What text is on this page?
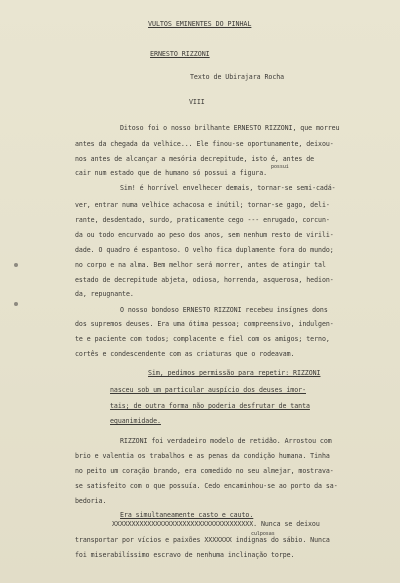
VULTOS EMINENTES DO PINHAL
ERNESTO RIZZONI
Texto de Ubirajara Rocha
VIII
Ditoso foi o nosso brilhante ERNESTO RIZZONI, que morreu
antes da chegada da velhice... Ele finou-se oportunamente, deixou-
nos antes de alcançar a mesória decrepitude, isto é, antes de
possui
cair num estado que de humano só possui a figura.
Sim! é horrível envelhecer demais, tornar-se semi-cadá-
ver, entrar numa velhice achacosa e inútil; tornar-se gago, deli-
rante, desdentado, surdo, praticamente cego --- enrugado, corcun-
da ou todo encurvado ao peso dos anos, sem nenhum resto de virili-
dade. O quadro é espantoso. O velho fica duplamente fora do mundo;
no corpo e na alma. Bem melhor será morrer, antes de atingir tal
estado de decrepitude abjeta, odiosa, horrenda, asquerosa, hedion-
da, repugnante.
O nosso bondoso ERNESTO RIZZONI recebeu insígnes dons
dos supremos deuses. Era uma ótima pessoa; compreensivo, indulgen-
te e paciente com todos; complacente e fiel com os amigos; terno,
cortês e condescendente com as criaturas que o rodeavam.
Sim, pedimos permissão para repetir: RIZZONI
nasceu sob um particular auspício dos deuses imor-
tais; de outra forma não poderia desfrutar de tanta
equanimidade.
RIZZONI foi verdadeiro modelo de retidão. Arrostou com
brio e valentia os trabalhos e as penas da condição humana. Tinha
no peito um coração brando, era comedido no seu almejar, mostrava-
se satisfeito com o que possuía. Cedo encaminhou-se ao porto da sa-
bedoria.
Era simultaneamente casto e cauto.
XXXXXXXXXXXXXXXXXXXXXXXXXXXXXXXXXXXX. Nunca se deixou
culposas
transportar por vícios e paixões XXXXXXX indignas do sábio. Nunca
foi miserabilíssimo escravo de nenhuma inclinação torpe.
